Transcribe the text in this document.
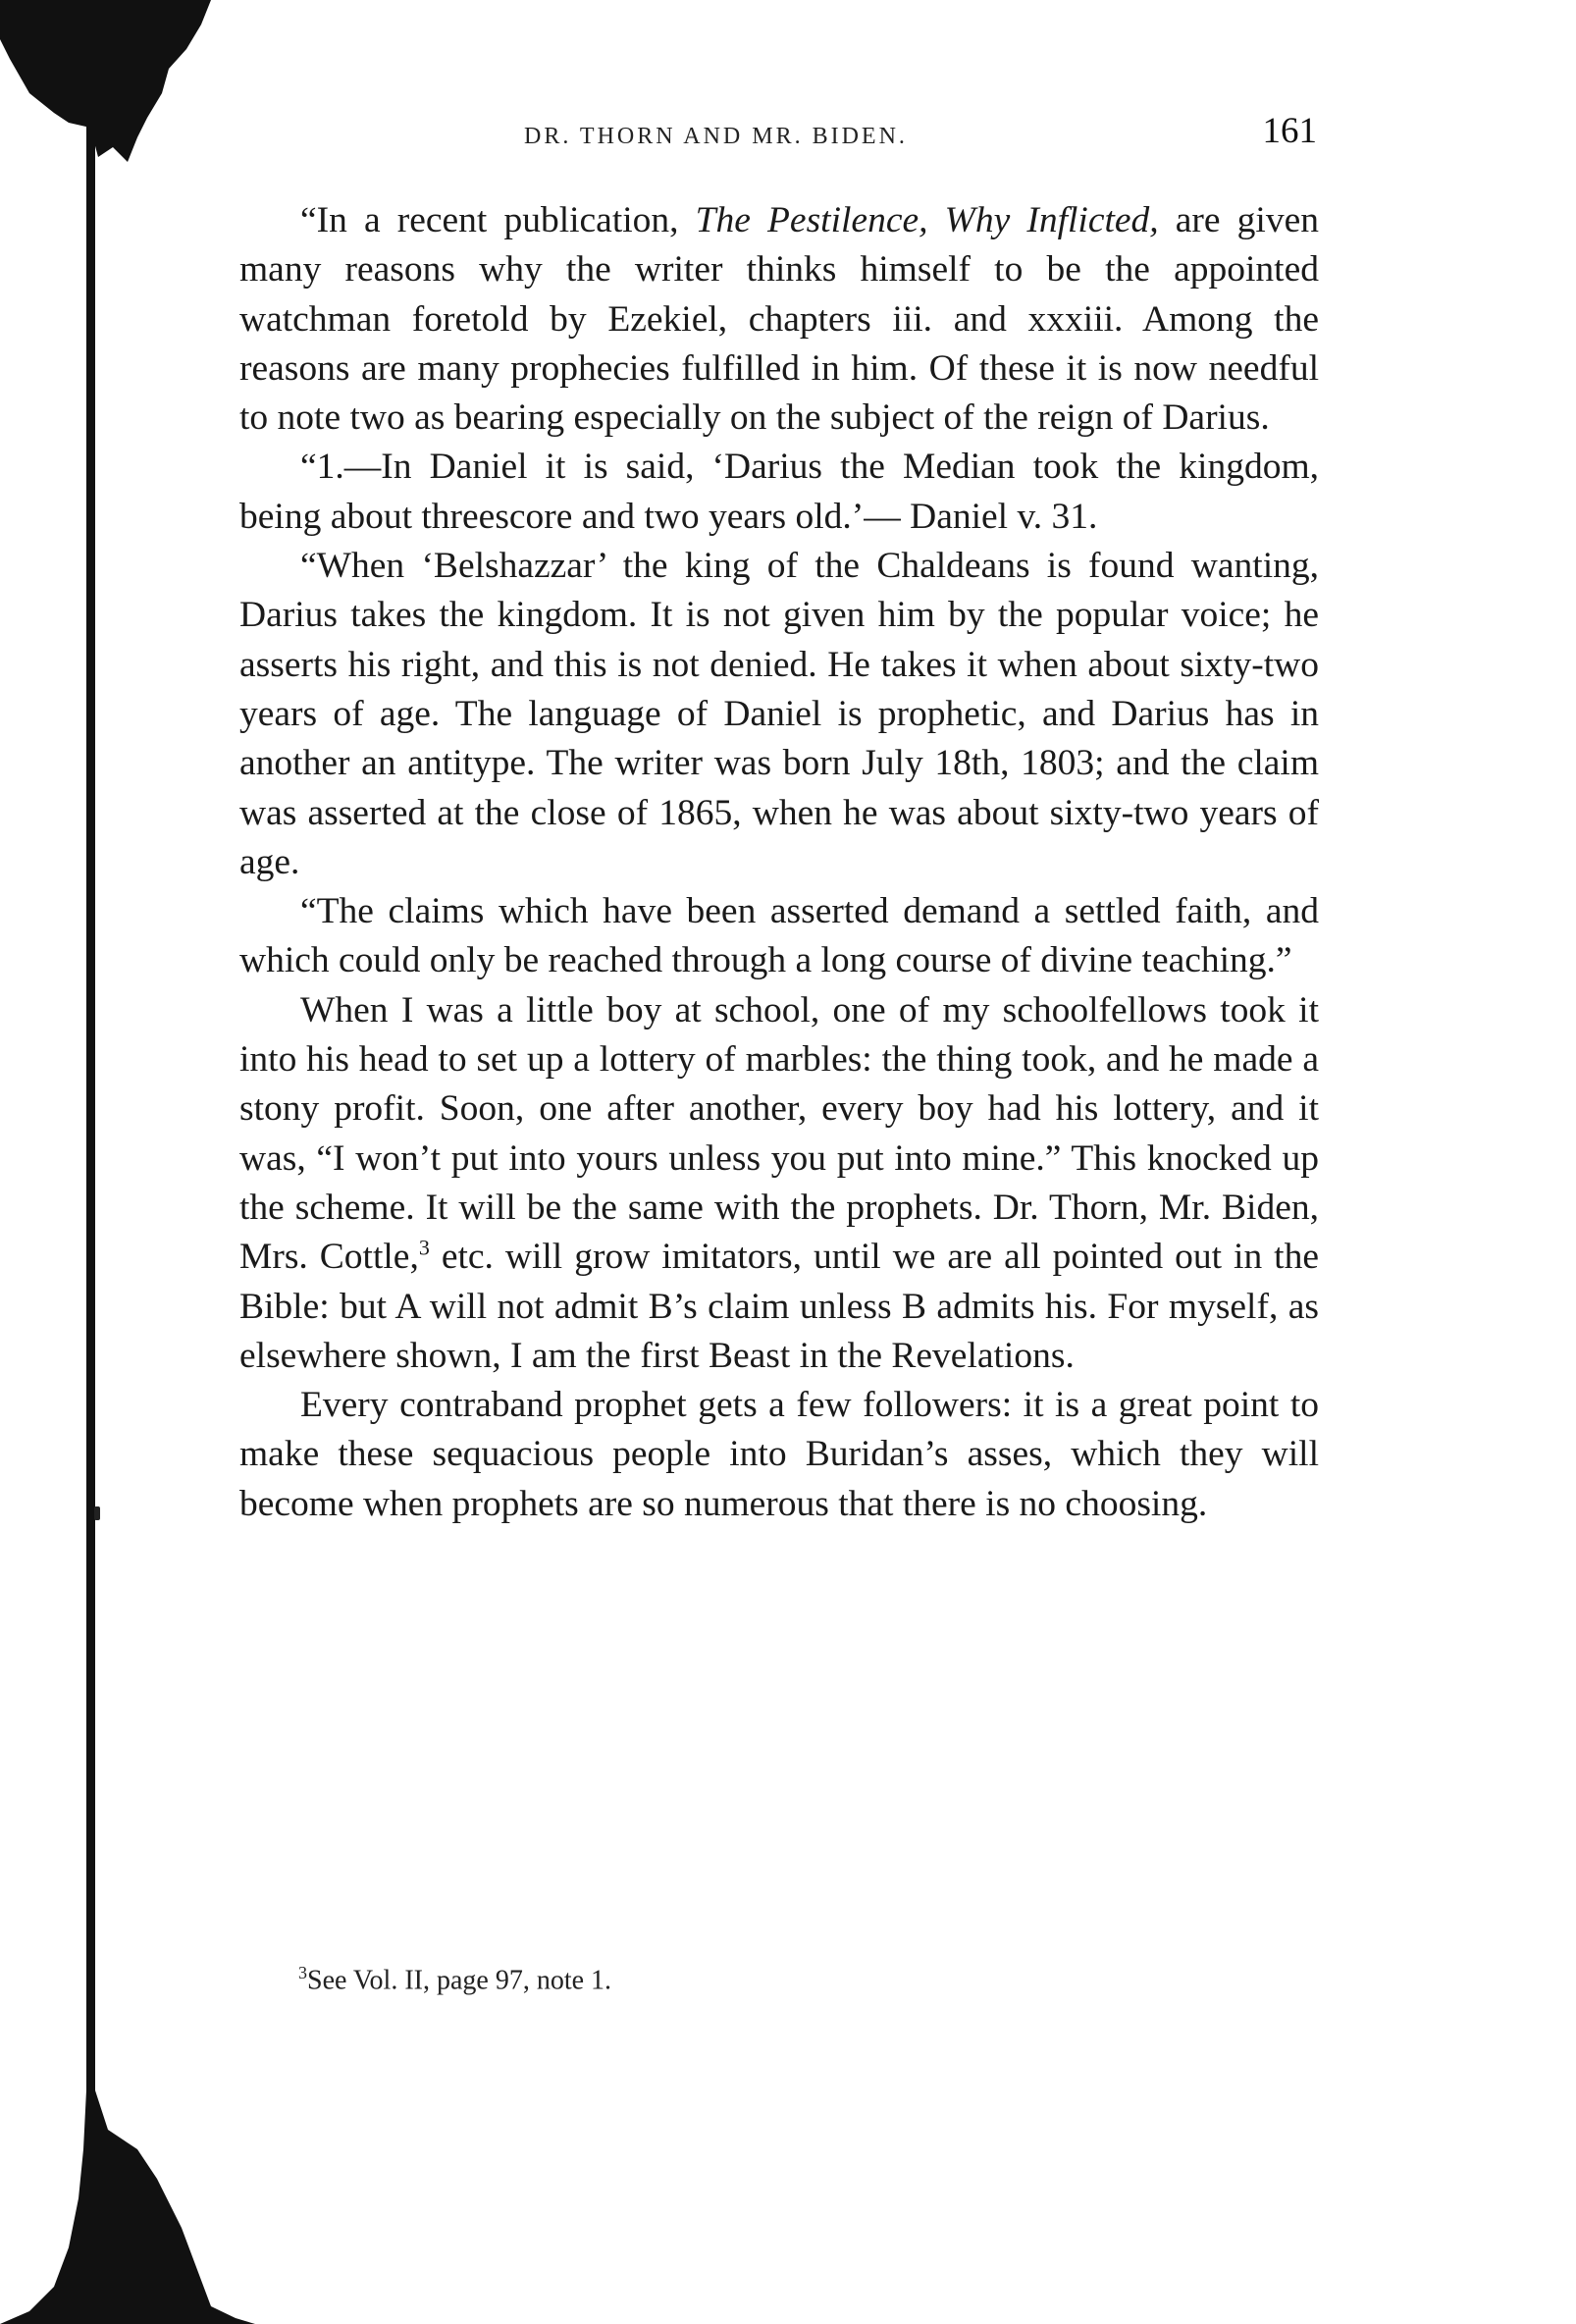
DR. THORN AND MR. BIDEN.	161

“In a recent publication, The Pestilence, Why Inflicted, are given many reasons why the writer thinks himself to be the appointed watchman foretold by Ezekiel, chapters iii. and xxxiii. Among the reasons are many prophecies fulfilled in him. Of these it is now needful to note two as bearing especially on the subject of the reign of Darius.

“1.—In Daniel it is said, ‘Darius the Median took the kingdom, being about threescore and two years old.’— Daniel v. 31.

“When ‘Belshazzar’ the king of the Chaldeans is found wanting, Darius takes the kingdom. It is not given him by the popular voice; he asserts his right, and this is not denied. He takes it when about sixty-two years of age. The language of Daniel is prophetic, and Darius has in another an antitype. The writer was born July 18th, 1803; and the claim was asserted at the close of 1865, when he was about sixty-two years of age.

“The claims which have been asserted demand a settled faith, and which could only be reached through a long course of divine teaching.”

When I was a little boy at school, one of my schoolfellows took it into his head to set up a lottery of marbles: the thing took, and he made a stony profit. Soon, one after another, every boy had his lottery, and it was, “I won’t put into yours unless you put into mine.” This knocked up the scheme. It will be the same with the prophets. Dr. Thorn, Mr. Biden, Mrs. Cottle,$^3$ etc. will grow imitators, until we are all pointed out in the Bible: but A will not admit B’s claim unless B admits his. For myself, as elsewhere shown, I am the first Beast in the Revelations.

Every contraband prophet gets a few followers: it is a great point to make these sequacious people into Buridan’s asses, which they will become when prophets are so numerous that there is no choosing.

$^3$See Vol. II, page 97, note 1.
